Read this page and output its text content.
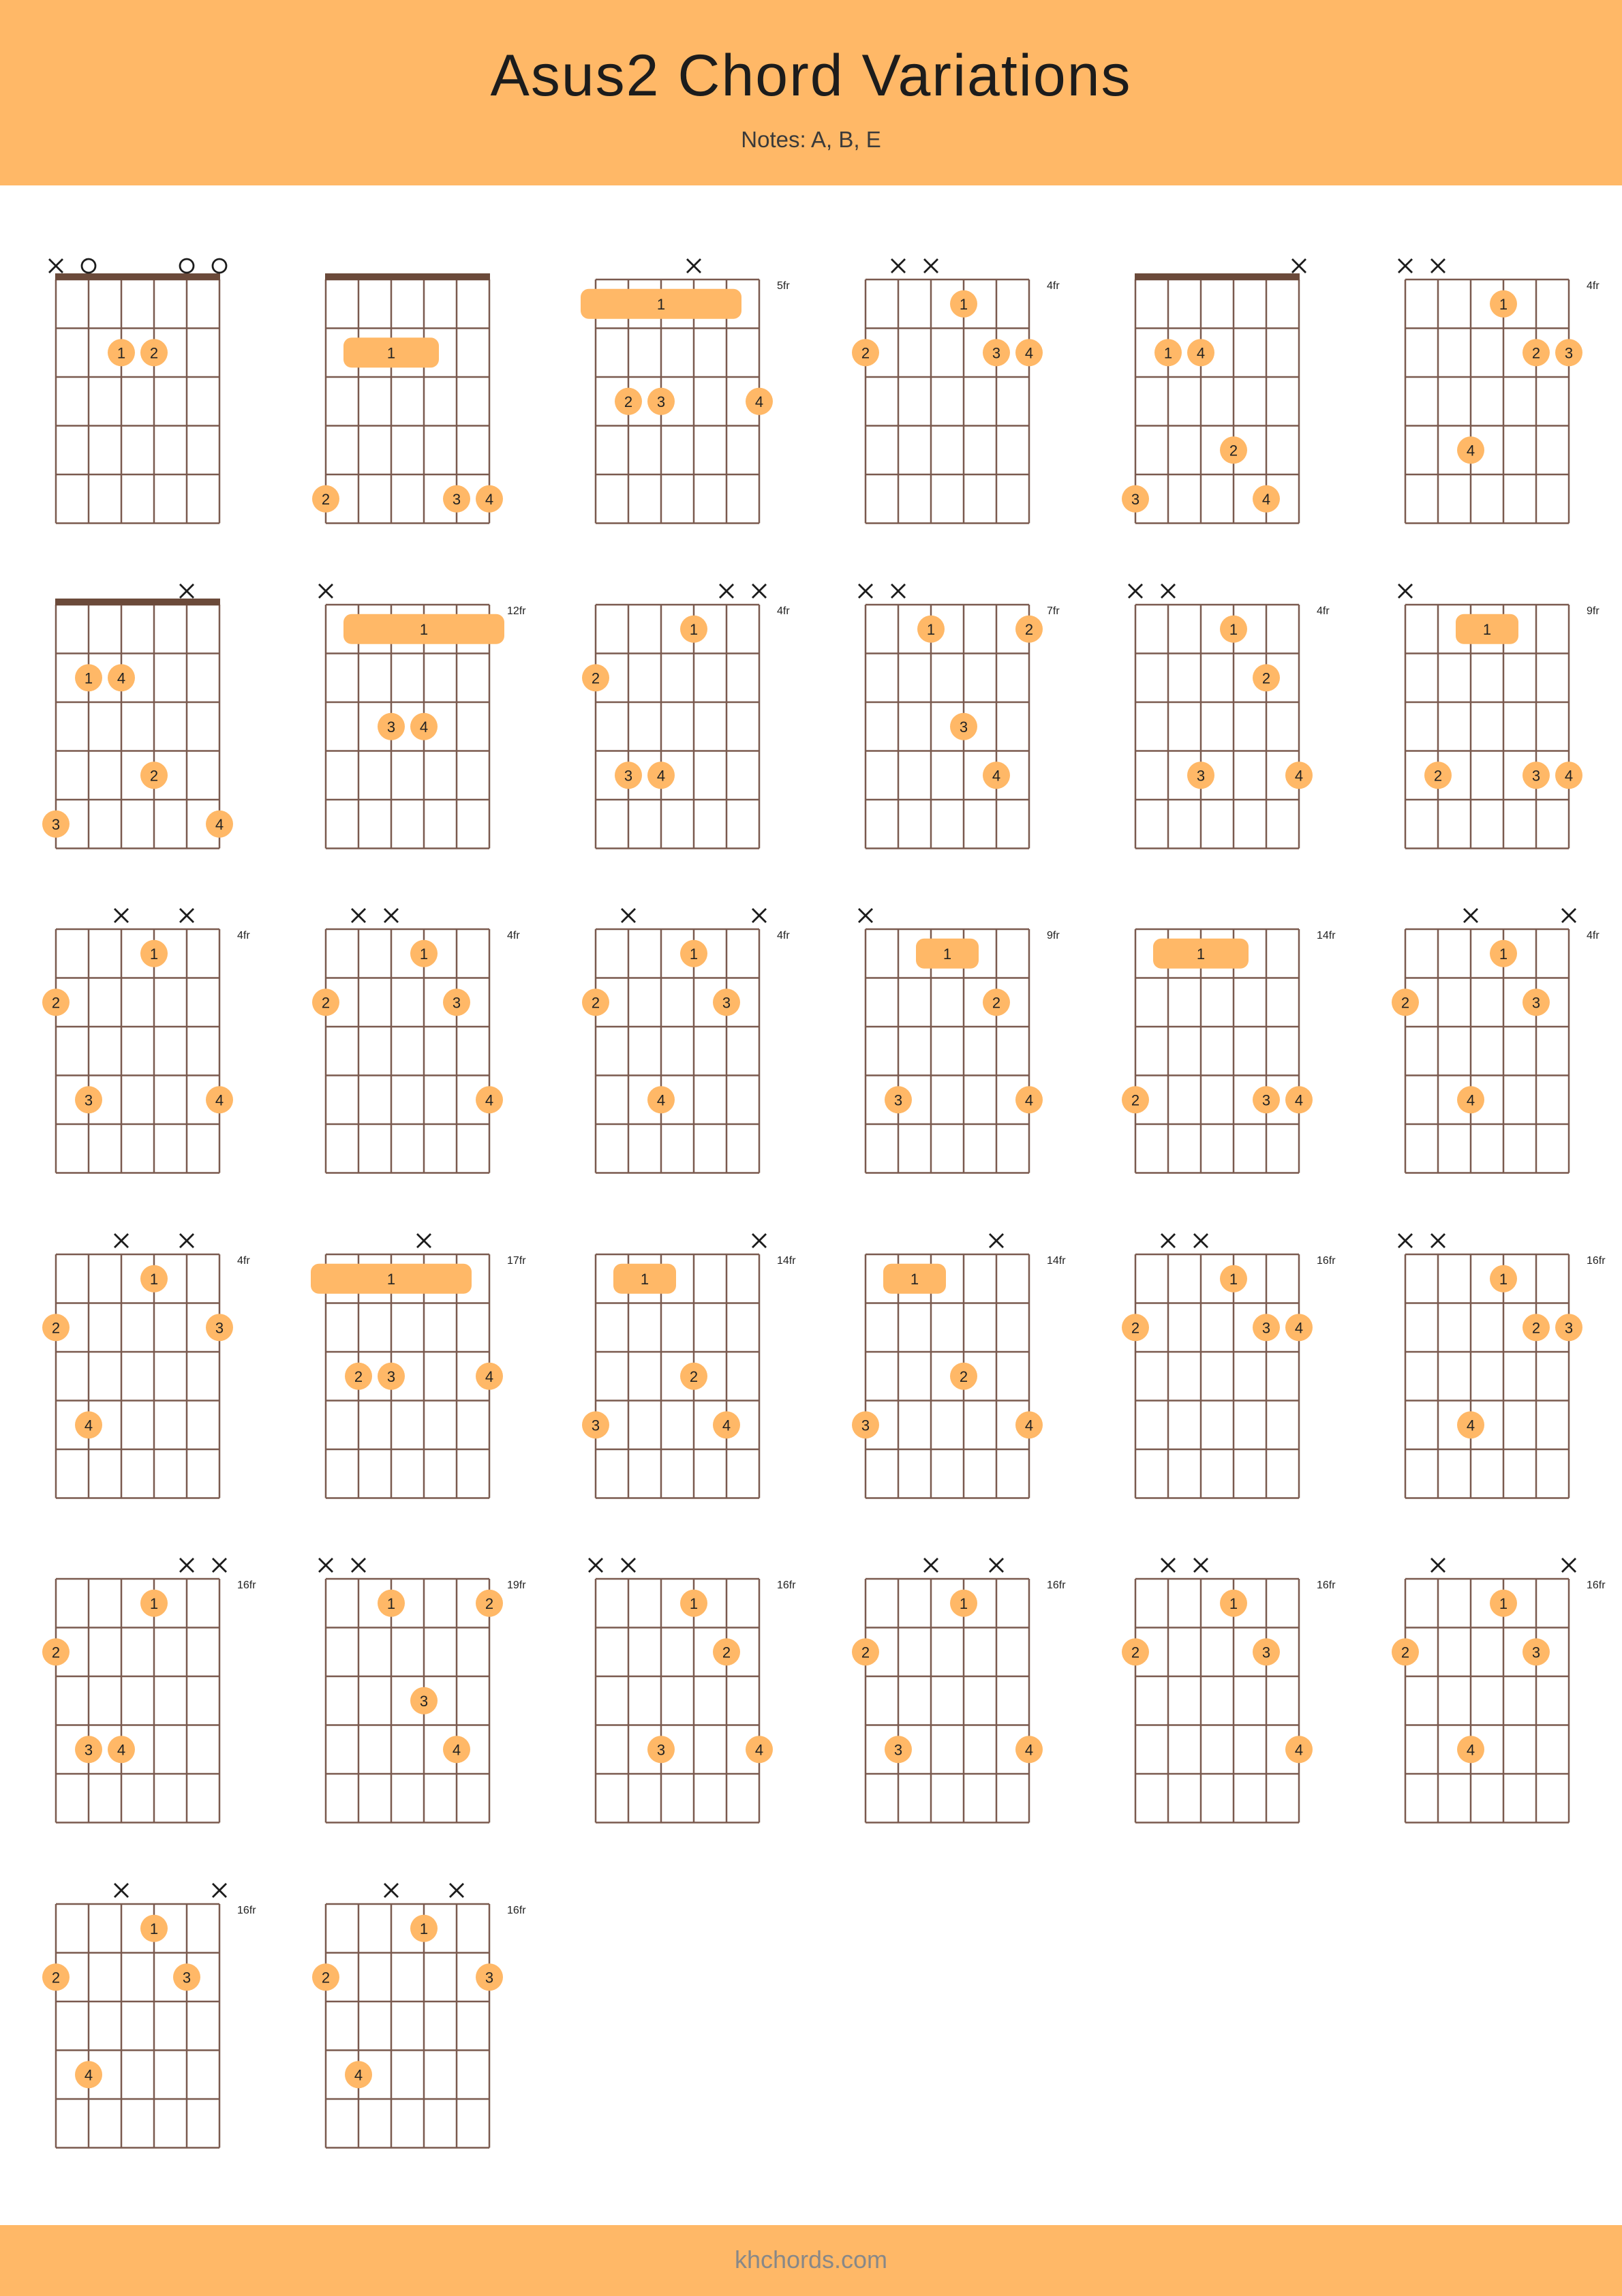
Asus2 Chord Variations
Notes: A, B, E
1 2	1
2	3 4
5fr
1
2 3	4
4fr
1
2	3 4	1 4
2
3	4
4fr
1
2 3
4
1 4
2
3	4
12fr
1
3 4
4fr
1
2
3 4
7fr
1	2
3
4
4fr
1
2
3	4
9fr
1
2	3 4
4fr
1
2
3	4
4fr
1
2	3
4
4fr
1
2	3
4
9fr
1
2
3	4
14fr
1
2	3 4
4fr
1
2	3
4
4fr
1
2	3
4
17fr
1
2 3	4
14fr
1
2
3	4
14fr
1
2
3	4
16fr
1
2	3 4
16fr
1
2 3
4
16fr
1
2
3 4
19fr
1	2
3
4
16fr
1
2
3	4
16fr
1
2
3	4
16fr
1
2	3
4
16fr
1
2	3
4
16fr
1
2	3
4
16fr
1
2	3
4
khchords.com
